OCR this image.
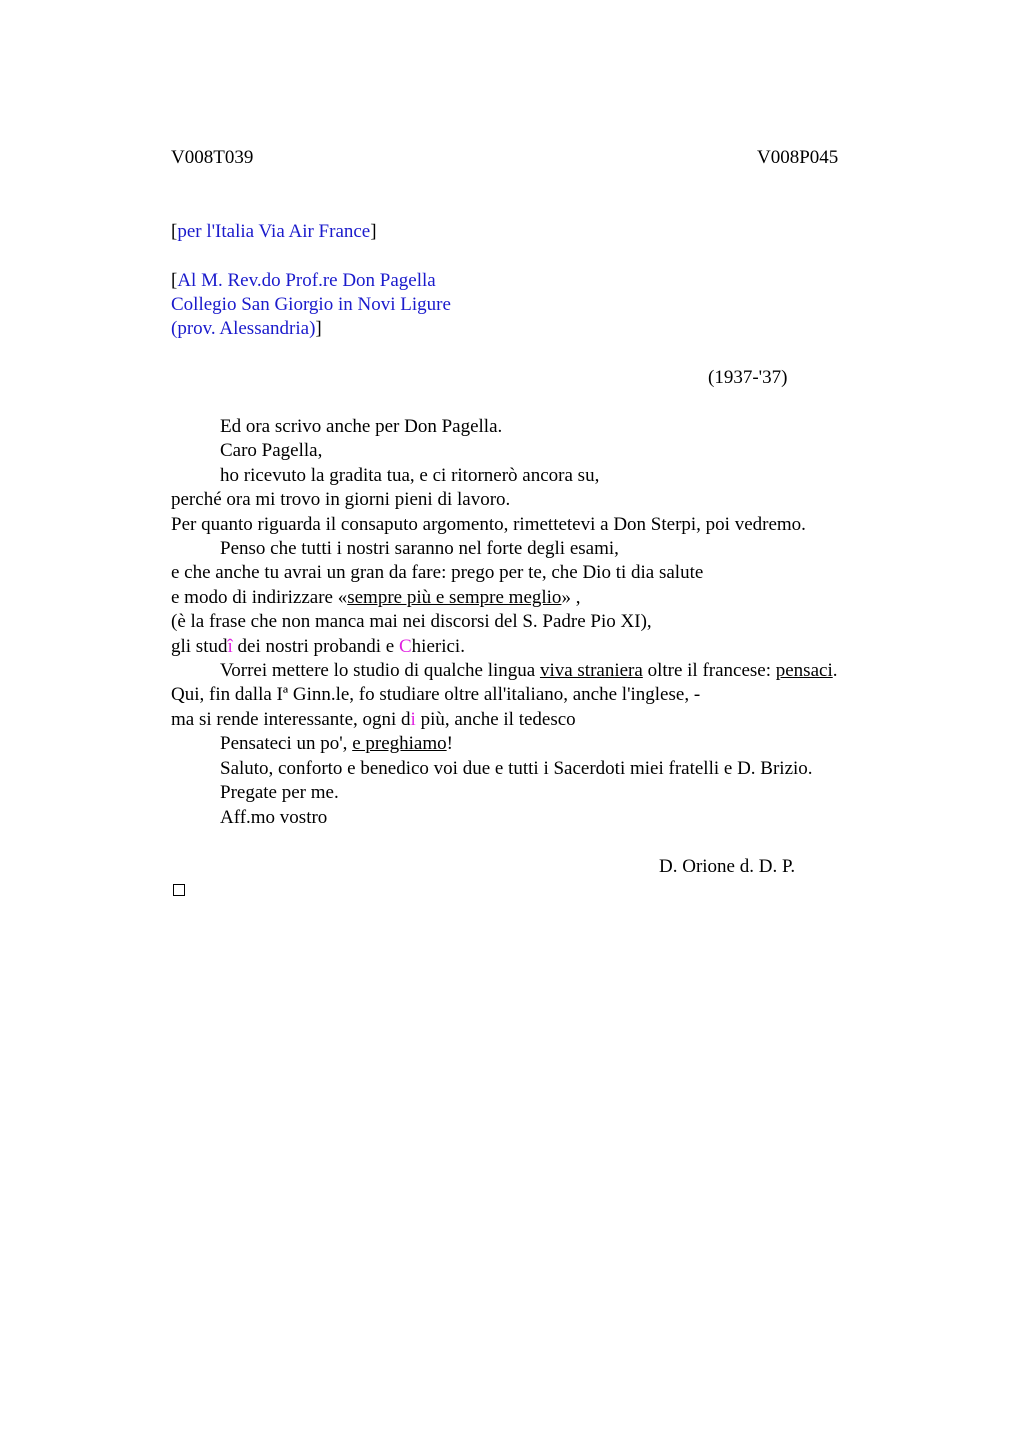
V008T039	V008P045
[per l'Italia Via Air France]
[Al M. Rev.do Prof.re Don Pagella
Collegio San Giorgio in Novi Ligure
(prov. Alessandria)]
(1937-'37)
Ed ora scrivo anche per Don Pagella.
Caro Pagella,
ho ricevuto la gradita tua, e ci ritornerò ancora su,
perché ora mi trovo in giorni pieni di lavoro.
Per quanto riguarda il consaputo argomento, rimettetevi a Don Sterpi, poi vedremo.
Penso che tutti i nostri saranno nel forte degli esami,
e che anche tu avrai un gran da fare: prego per te, che Dio ti dia salute
e modo di indirizzare «sempre più e sempre meglio» ,
(è la frase che non manca mai nei discorsi del S. Padre Pio XI),
gli studî dei nostri probandi e Chierici.
Vorrei mettere lo studio di qualche lingua viva straniera oltre il francese: pensaci.
Qui, fin dalla Iª Ginn.le, fo studiare oltre all'italiano, anche l'inglese, -
ma si rende interessante, ogni di più, anche il tedesco
Pensateci un po', e preghiamo!
Saluto, conforto e benedico voi due e tutti i Sacerdoti miei fratelli e D. Brizio.
Pregate per me.
Aff.mo vostro
D. Orione d. D. P.
